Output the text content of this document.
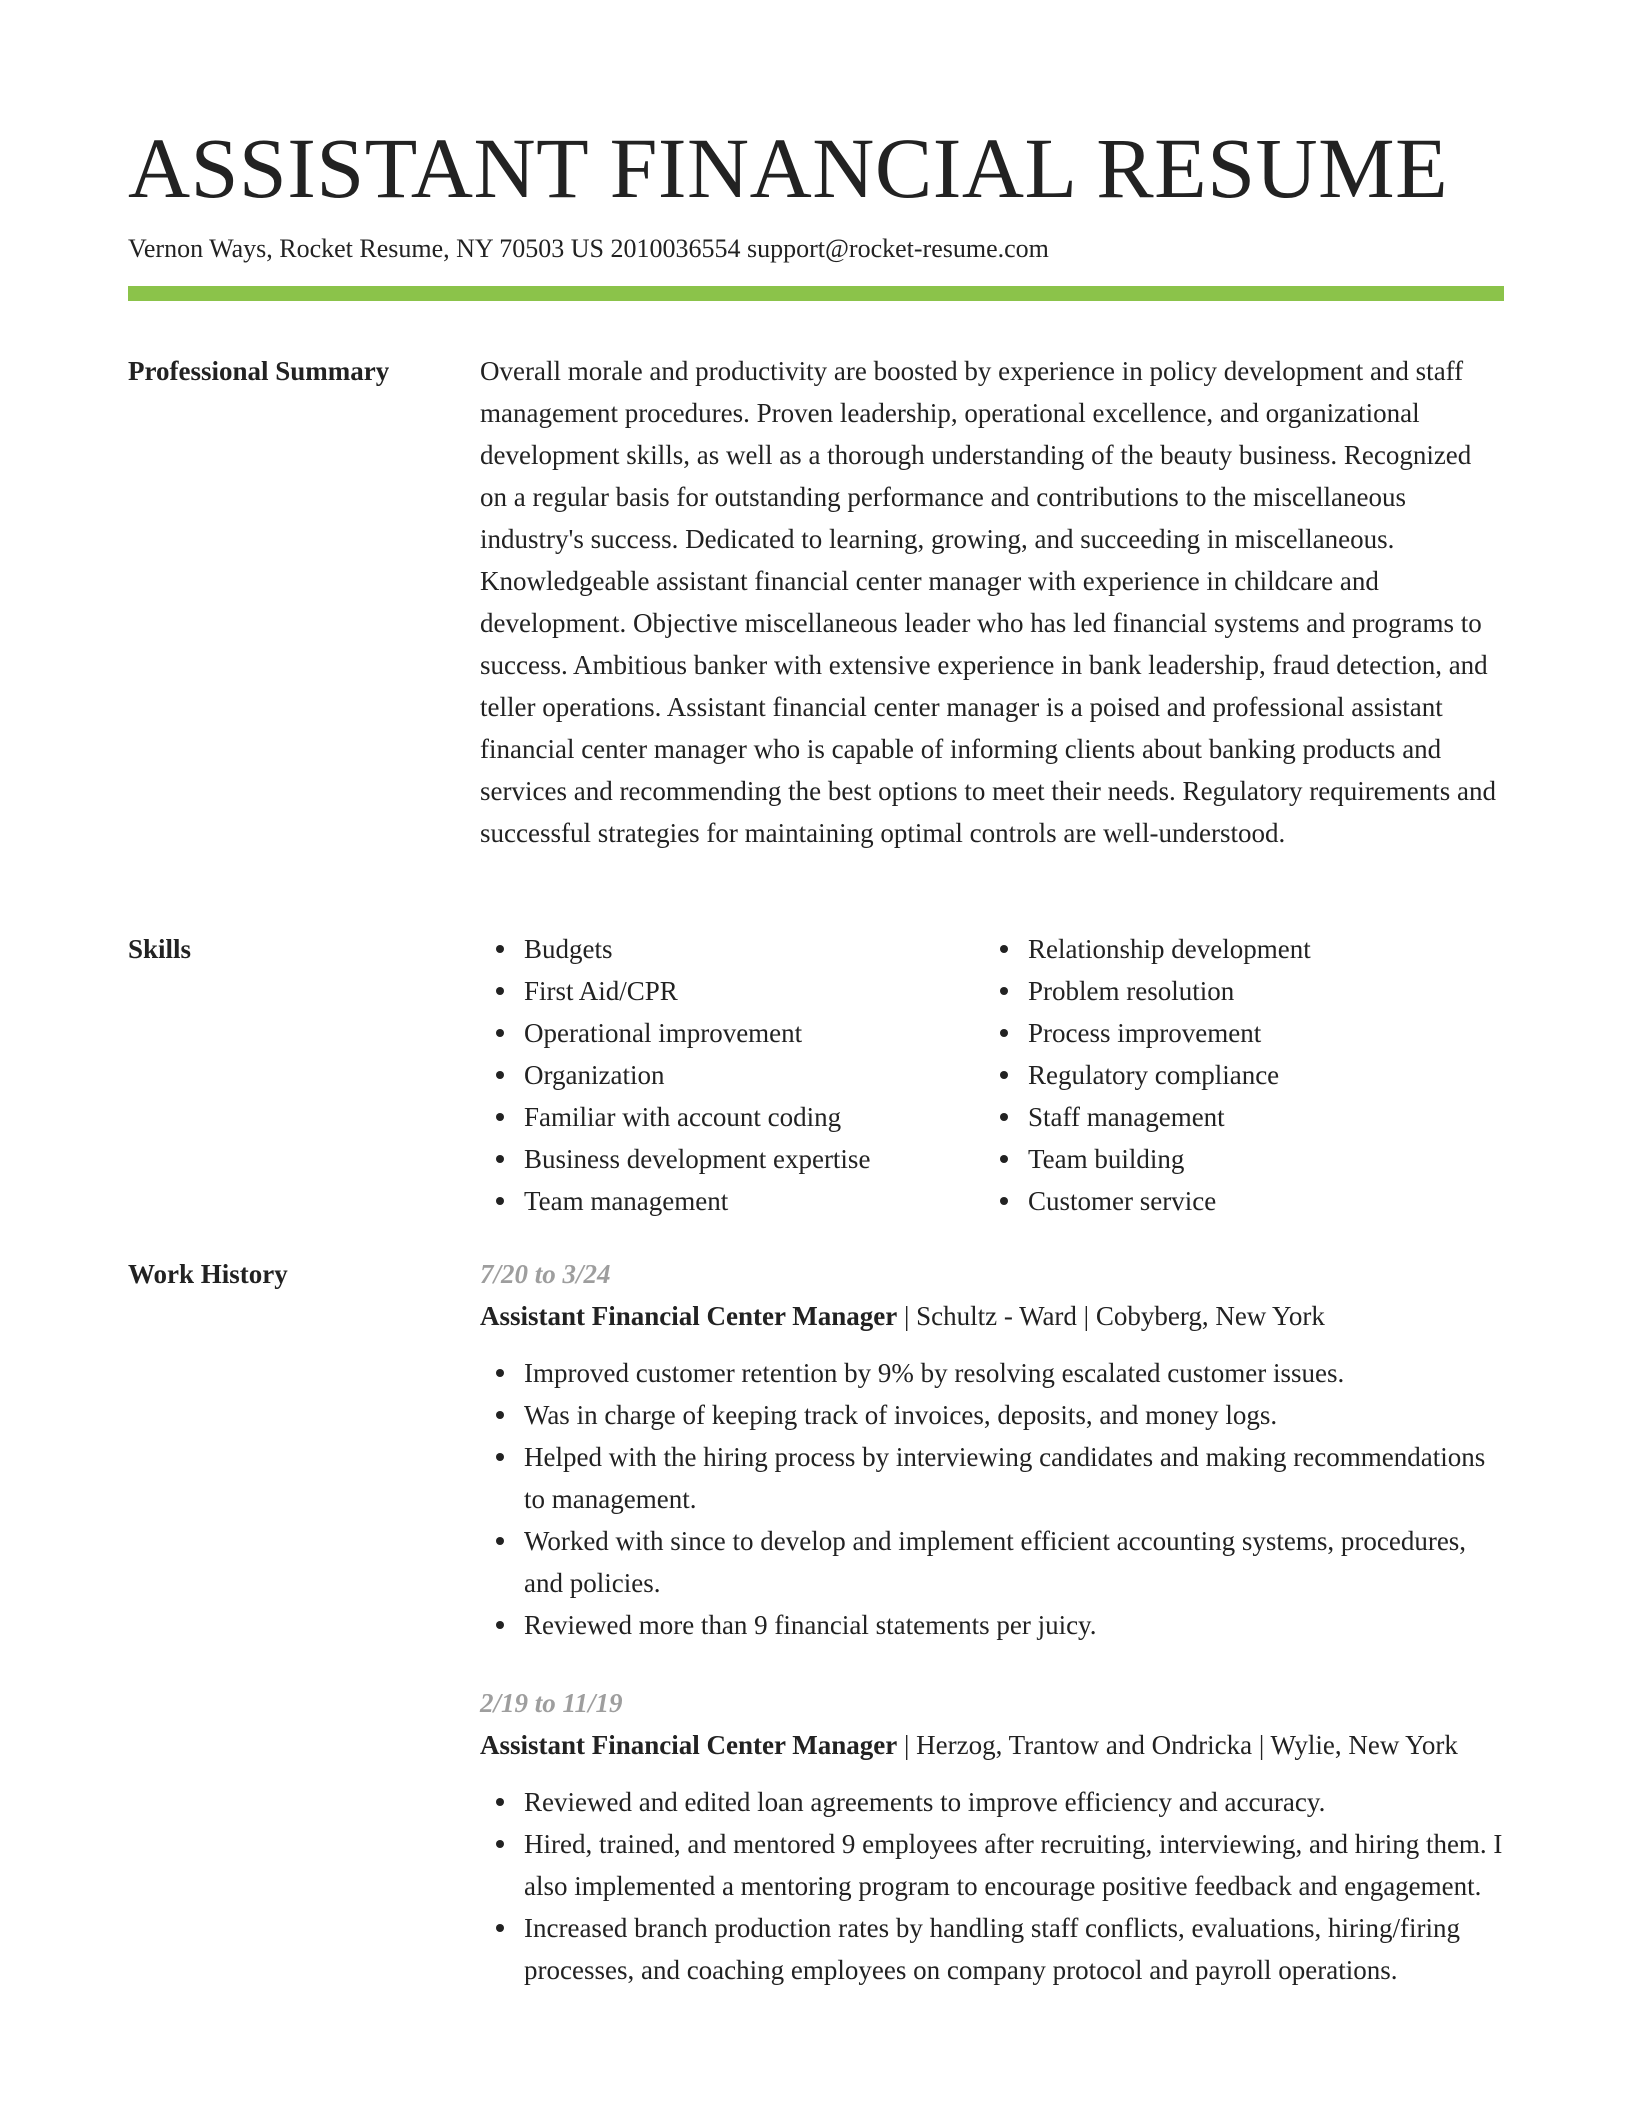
ASSISTANT FINANCIAL RESUME
Vernon Ways, Rocket Resume, NY 70503 US 2010036554 support@rocket-resume.com
Professional Summary	Overall morale and productivity are boosted by experience in policy development and staff management procedures. Proven leadership, operational excellence, and organizational development skills, as well as a thorough understanding of the beauty business. Recognized on a regular basis for outstanding performance and contributions to the miscellaneous industry's success. Dedicated to learning, growing, and succeeding in miscellaneous. Knowledgeable assistant financial center manager with experience in childcare and development. Objective miscellaneous leader who has led financial systems and programs to success. Ambitious banker with extensive experience in bank leadership, fraud detection, and teller operations. Assistant financial center manager is a poised and professional assistant financial center manager who is capable of informing clients about banking products and services and recommending the best options to meet their needs. Regulatory requirements and successful strategies for maintaining optimal controls are well-understood.

Skills	Budgets
First Aid/CPR
Operational improvement
Organization
Familiar with account coding
Business development expertise
Team management
Relationship development
Problem resolution
Process improvement
Regulatory compliance
Staff management
Team building
Customer service
Work History	7/20 to 3/24
Assistant Financial Center Manager | Schultz - Ward | Cobyberg, New York
Improved customer retention by 9% by resolving escalated customer issues.
Was in charge of keeping track of invoices, deposits, and money logs.
Helped with the hiring process by interviewing candidates and making recommendations to management.
Worked with since to develop and implement efficient accounting systems, procedures, and policies.
Reviewed more than 9 financial statements per juicy.
2/19 to 11/19
Assistant Financial Center Manager | Herzog, Trantow and Ondricka | Wylie, New York
Reviewed and edited loan agreements to improve efficiency and accuracy.
Hired, trained, and mentored 9 employees after recruiting, interviewing, and hiring them. I also implemented a mentoring program to encourage positive feedback and engagement.
Increased branch production rates by handling staff conflicts, evaluations, hiring/firing processes, and coaching employees on company protocol and payroll operations.
